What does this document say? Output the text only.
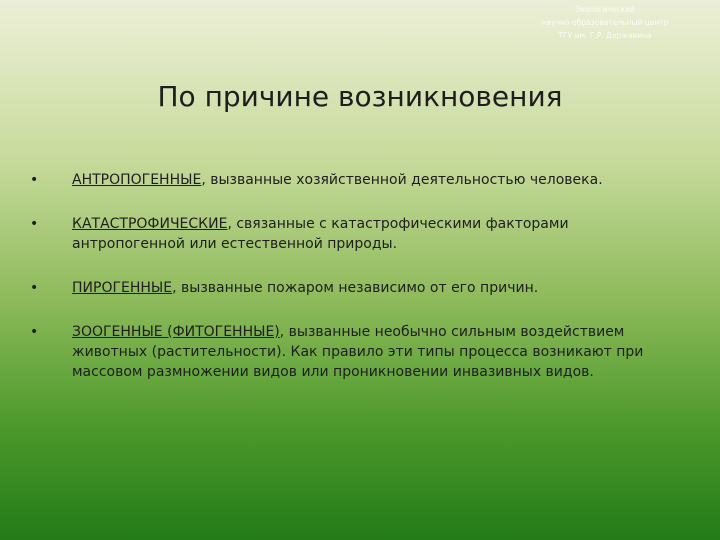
Экологический
научно-образовательный центр
ТГУ им. Г.Р. Державина
По причине возникновения
•	АНТРОПОГЕННЫЕ, вызванные хозяйственной деятельностью человека.
•	КАТАСТРОФИЧЕСКИЕ, связанные с катастрофическими факторами антропогенной или естественной природы.
•	ПИРОГЕННЫЕ, вызванные пожаром независимо от его причин.
•	ЗООГЕННЫЕ (ФИТОГЕННЫЕ), вызванные необычно сильным воздействием животных (растительности). Как правило эти типы процесса возникают при массовом размножении видов или проникновении инвазивных видов.
